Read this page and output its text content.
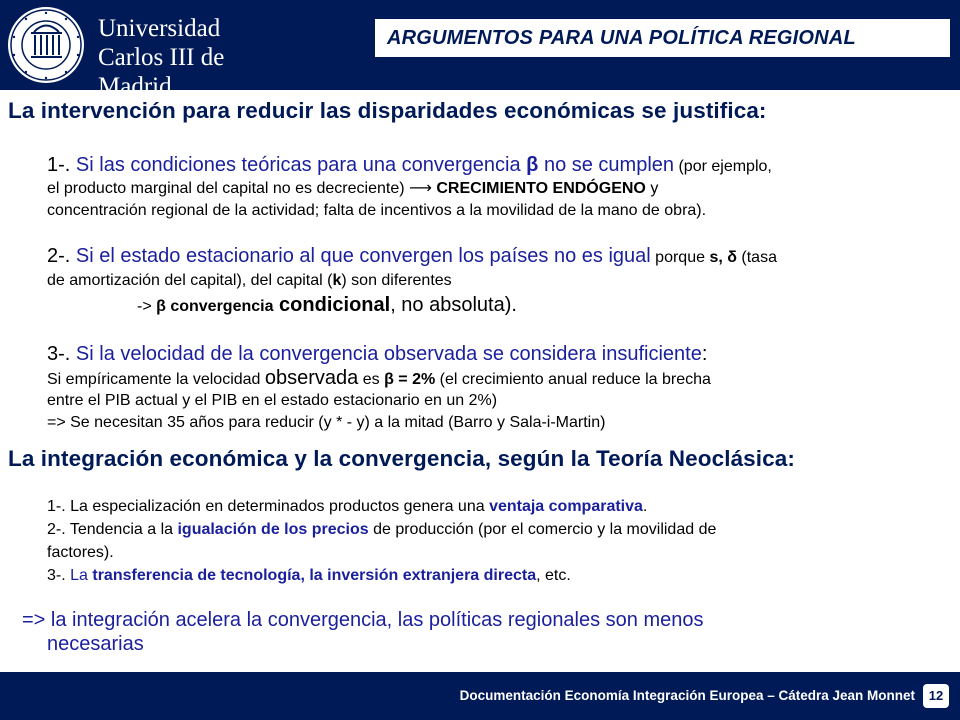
Universidad
Carlos III de Madrid
ARGUMENTOS PARA UNA POLÍTICA REGIONAL
La intervención para reducir las disparidades económicas se justifica:
1-. Si las condiciones teóricas para una convergencia β no se cumplen (por ejemplo,
el producto marginal del capital no es decreciente) ⟶ CRECIMIENTO ENDÓGENO y
concentración regional de la actividad; falta de incentivos a la movilidad de la mano de obra).
2-. Si el estado estacionario al que convergen los países no es igual porque s, δ (tasa
de amortización del capital), del capital (k) son diferentes
-> β convergencia condicional, no absoluta).
3-. Si la velocidad de la convergencia observada se considera insuficiente:
Si empíricamente la velocidad observada es β = 2% (el crecimiento anual reduce la brecha
entre el PIB actual y el PIB en el estado estacionario en un 2%)
=> Se necesitan 35 años para reducir (y * - y) a la mitad (Barro y Sala-i-Martin)
La integración económica y la convergencia, según la Teoría Neoclásica:
1-. La especialización en determinados productos genera una ventaja comparativa.
2-. Tendencia a la igualación de los precios de producción (por el comercio y la movilidad de
factores).
3-. La transferencia de tecnología, la inversión extranjera directa, etc.
=> la integración acelera la convergencia, las políticas regionales son menos
necesarias
Documentación Economía Integración Europea – Cátedra Jean Monnet	12
